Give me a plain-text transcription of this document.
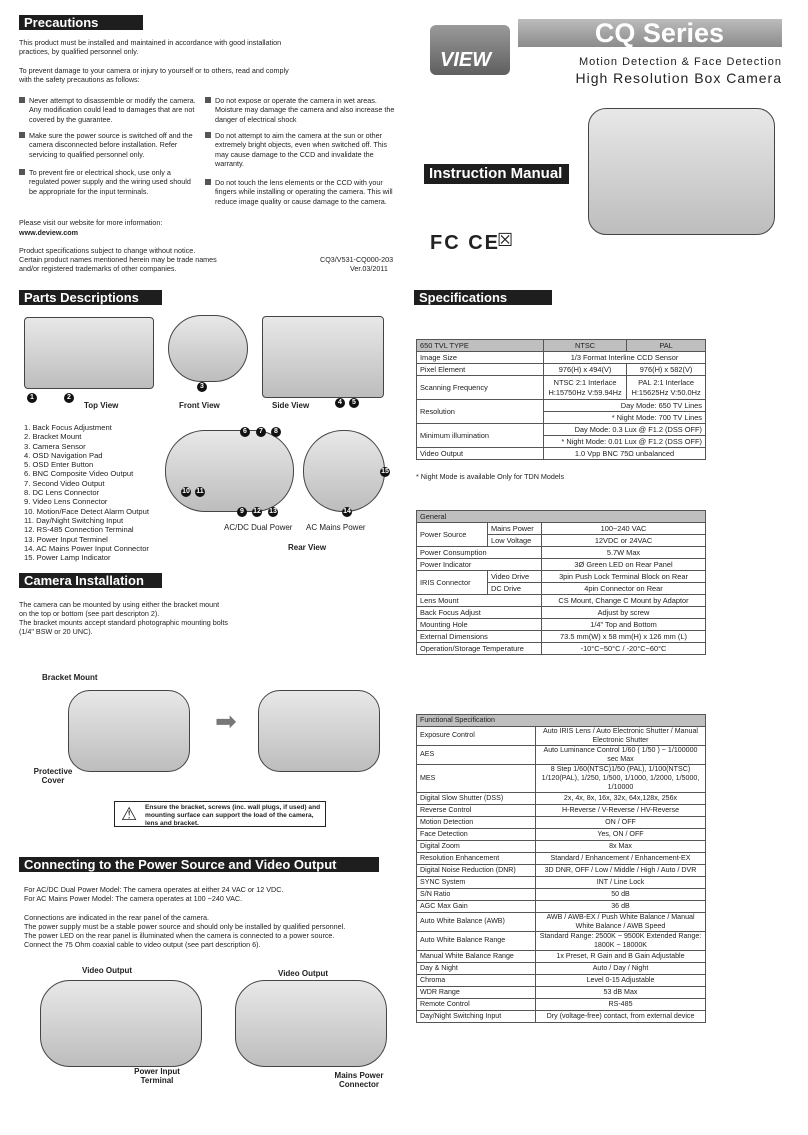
Precautions
This product must be installed and maintained in accordance with good installation practices, by qualified personnel only.
To prevent damage to your camera or injury to yourself or to others, read and comply with the safety precautions as follows:
Never attempt to disassemble or modify the camera. Any modification could lead to damages that are not covered by the guarantee.
Make sure the power source is switched off and the camera disconnected before installation. Refer servicing to qualified personnel only.
To prevent fire or electrical shock, use only a regulated power supply and the wiring used should be appropriate for the input terminals.
Do not expose or operate the camera in wet areas. Moisture may damage the camera and also increase the danger of electrical shock
Do not attempt to aim the camera at the sun or other extremely bright objects, even when switched off. This may cause damage to the CCD and invalidate the warranty.
Do not touch the lens elements or the CCD with your fingers while installing or operating the camera. This will reduce image quality or cause damage to the camera.
Please visit our website for more information:
www.deview.com
Product specifications subject to change without notice.
Certain product names mentioned herein may be trade names
and/or registered trademarks of other companies.
CQ3/V531-CQ000-203
Ver.03/2011
VIEW
CQ Series
Motion Detection & Face Detection
High Resolution Box Camera
Instruction Manual
FC CE
☒
Parts Descriptions
1	2
3
4	5
Top View	Front View	Side View

1. Back Focus Adjustment

2. Bracket Mount

3. Camera Sensor

4. OSD Navigation Pad

5. OSD Enter Button

6. BNC Composite Video Output

7. Second Video Output

8. DC Lens Connector

9. Video Lens Connector

10. Motion/Face Detect Alarm Output

11. Day/Night Switching Input

12. RS-485 Connection Terminal

13. Power Input Terminel

14. AC Mains Power Input Connector

15. Power Lamp Indicator

6	7	8
10 11
9	12 13	14
15
AC/DC Dual Power AC Mains Power
Rear View
Camera Installation
The camera can be mounted by using either the bracket mount on the top or bottom (see part descripton 2).
The bracket mounts accept standard photographic mounting bolts (1/4" BSW or 20 UNC).
Bracket Mount
➡
Protective Cover
⚠ Ensure the bracket, screws (inc. wall plugs, if used) and mounting surface can support the load of the camera, lens and bracket.
Connecting to the Power Source and Video Output
For AC/DC Dual Power Model: The camera operates at either 24 VAC or 12 VDC.
For AC Mains Power Model: The camera operates at 100 ~240 VAC.
Connections are indicated in the rear panel of the camera.
The power supply must be a stable power source and should only be installed by qualified personnel.
The power LED on the rear panel is illuminated when the camera is connected to a power source.
Connect the 75 Ohm coaxial cable to video output (see part description 6).
Video Output	Video Output
Power Input Terminal
Mains Power Connector
Specifications
650 TVL TYPE	NTSC	PAL
Image Size	1/3 Format Interline CCD Sensor	
Pixel Element	976(H) x 494(V)	976(H) x 582(V)
Scanning Frequency	NTSC 2:1 Interlace H:15750Hz V:59.94Hz	PAL 2:1 Interlace H:15625Hz V:50.0Hz
Resolution	Day Mode: 650 TV Lines	
	* Night Mode: 700 TV Lines	
Minimum illumination	Day Mode: 0.3 Lux @ F1.2 (DSS OFF)	
	* Night Mode: 0.01 Lux @ F1.2 (DSS OFF)	
Video Output	1.0 Vpp BNC 75Ω unbalanced	
* Night Mode is available Only for TDN Models
General		
Power Source	Mains Power	100~240 VAC
	Low Voltage	12VDC or 24VAC
Power Consumption		5.7W Max
Power Indicator		3Ø Green LED on Rear Panel
IRIS Connector	Video Drive	3pin Push Lock Terminal Block on Rear
	DC Drive	4pin Connector on Rear
Lens Mount		CS Mount, Change C Mount by Adaptor
Back Focus Adjust		Adjust by screw
Mounting Hole		1/4" Top and Bottom
External Dimensions		73.5 mm(W) x 58 mm(H) x 126 mm (L)
Operation/Storage Temperature		-10°C~50°C / -20°C~60°C
Functional Specification	
Exposure Control	Auto IRIS Lens / Auto Electronic Shutter / Manual Electronic Shutter
AES	Auto Luminance Control 1/60 ( 1/50 ) ~ 1/100000 sec Max
MES	8 Step 1/60(NTSC)1/50 (PAL), 1/100(NTSC) 1/120(PAL), 1/250, 1/500, 1/1000, 1/2000, 1/5000, 1/10000
Digital Slow Shutter (DSS)	2x, 4x, 8x, 16x, 32x, 64x,128x, 256x
Reverse Control	H-Reverse / V-Reverse / HV-Reverse
Motion Detection	ON / OFF
Face Detection	Yes, ON / OFF
Digital Zoom	8x Max
Resolution Enhancement	Standard / Enhancement / Enhancement-EX
Digital Noise Reduction (DNR)	3D DNR, OFF / Low / Middle / High / Auto / DVR
SYNC System	INT / Line Lock
S/N Ratio	50 dB
AGC Max Gain	36 dB
Auto White Balance (AWB)	AWB / AWB-EX / Push White Balance / Manual White Balance / AWB Speed
Auto White Balance Range	Standard Range: 2500K ~ 9500K Extended Range: 1800K ~ 18000K
Manual White Balance Range	1x Preset, R Gain and B Gain Adjustable
Day & Night	Auto / Day / Night
Chroma	Level 0-15 Adjustable
WDR Range	53 dB Max
Remote Control	RS-485
Day/Night Switching Input	Dry (voltage-free) contact, from external device
